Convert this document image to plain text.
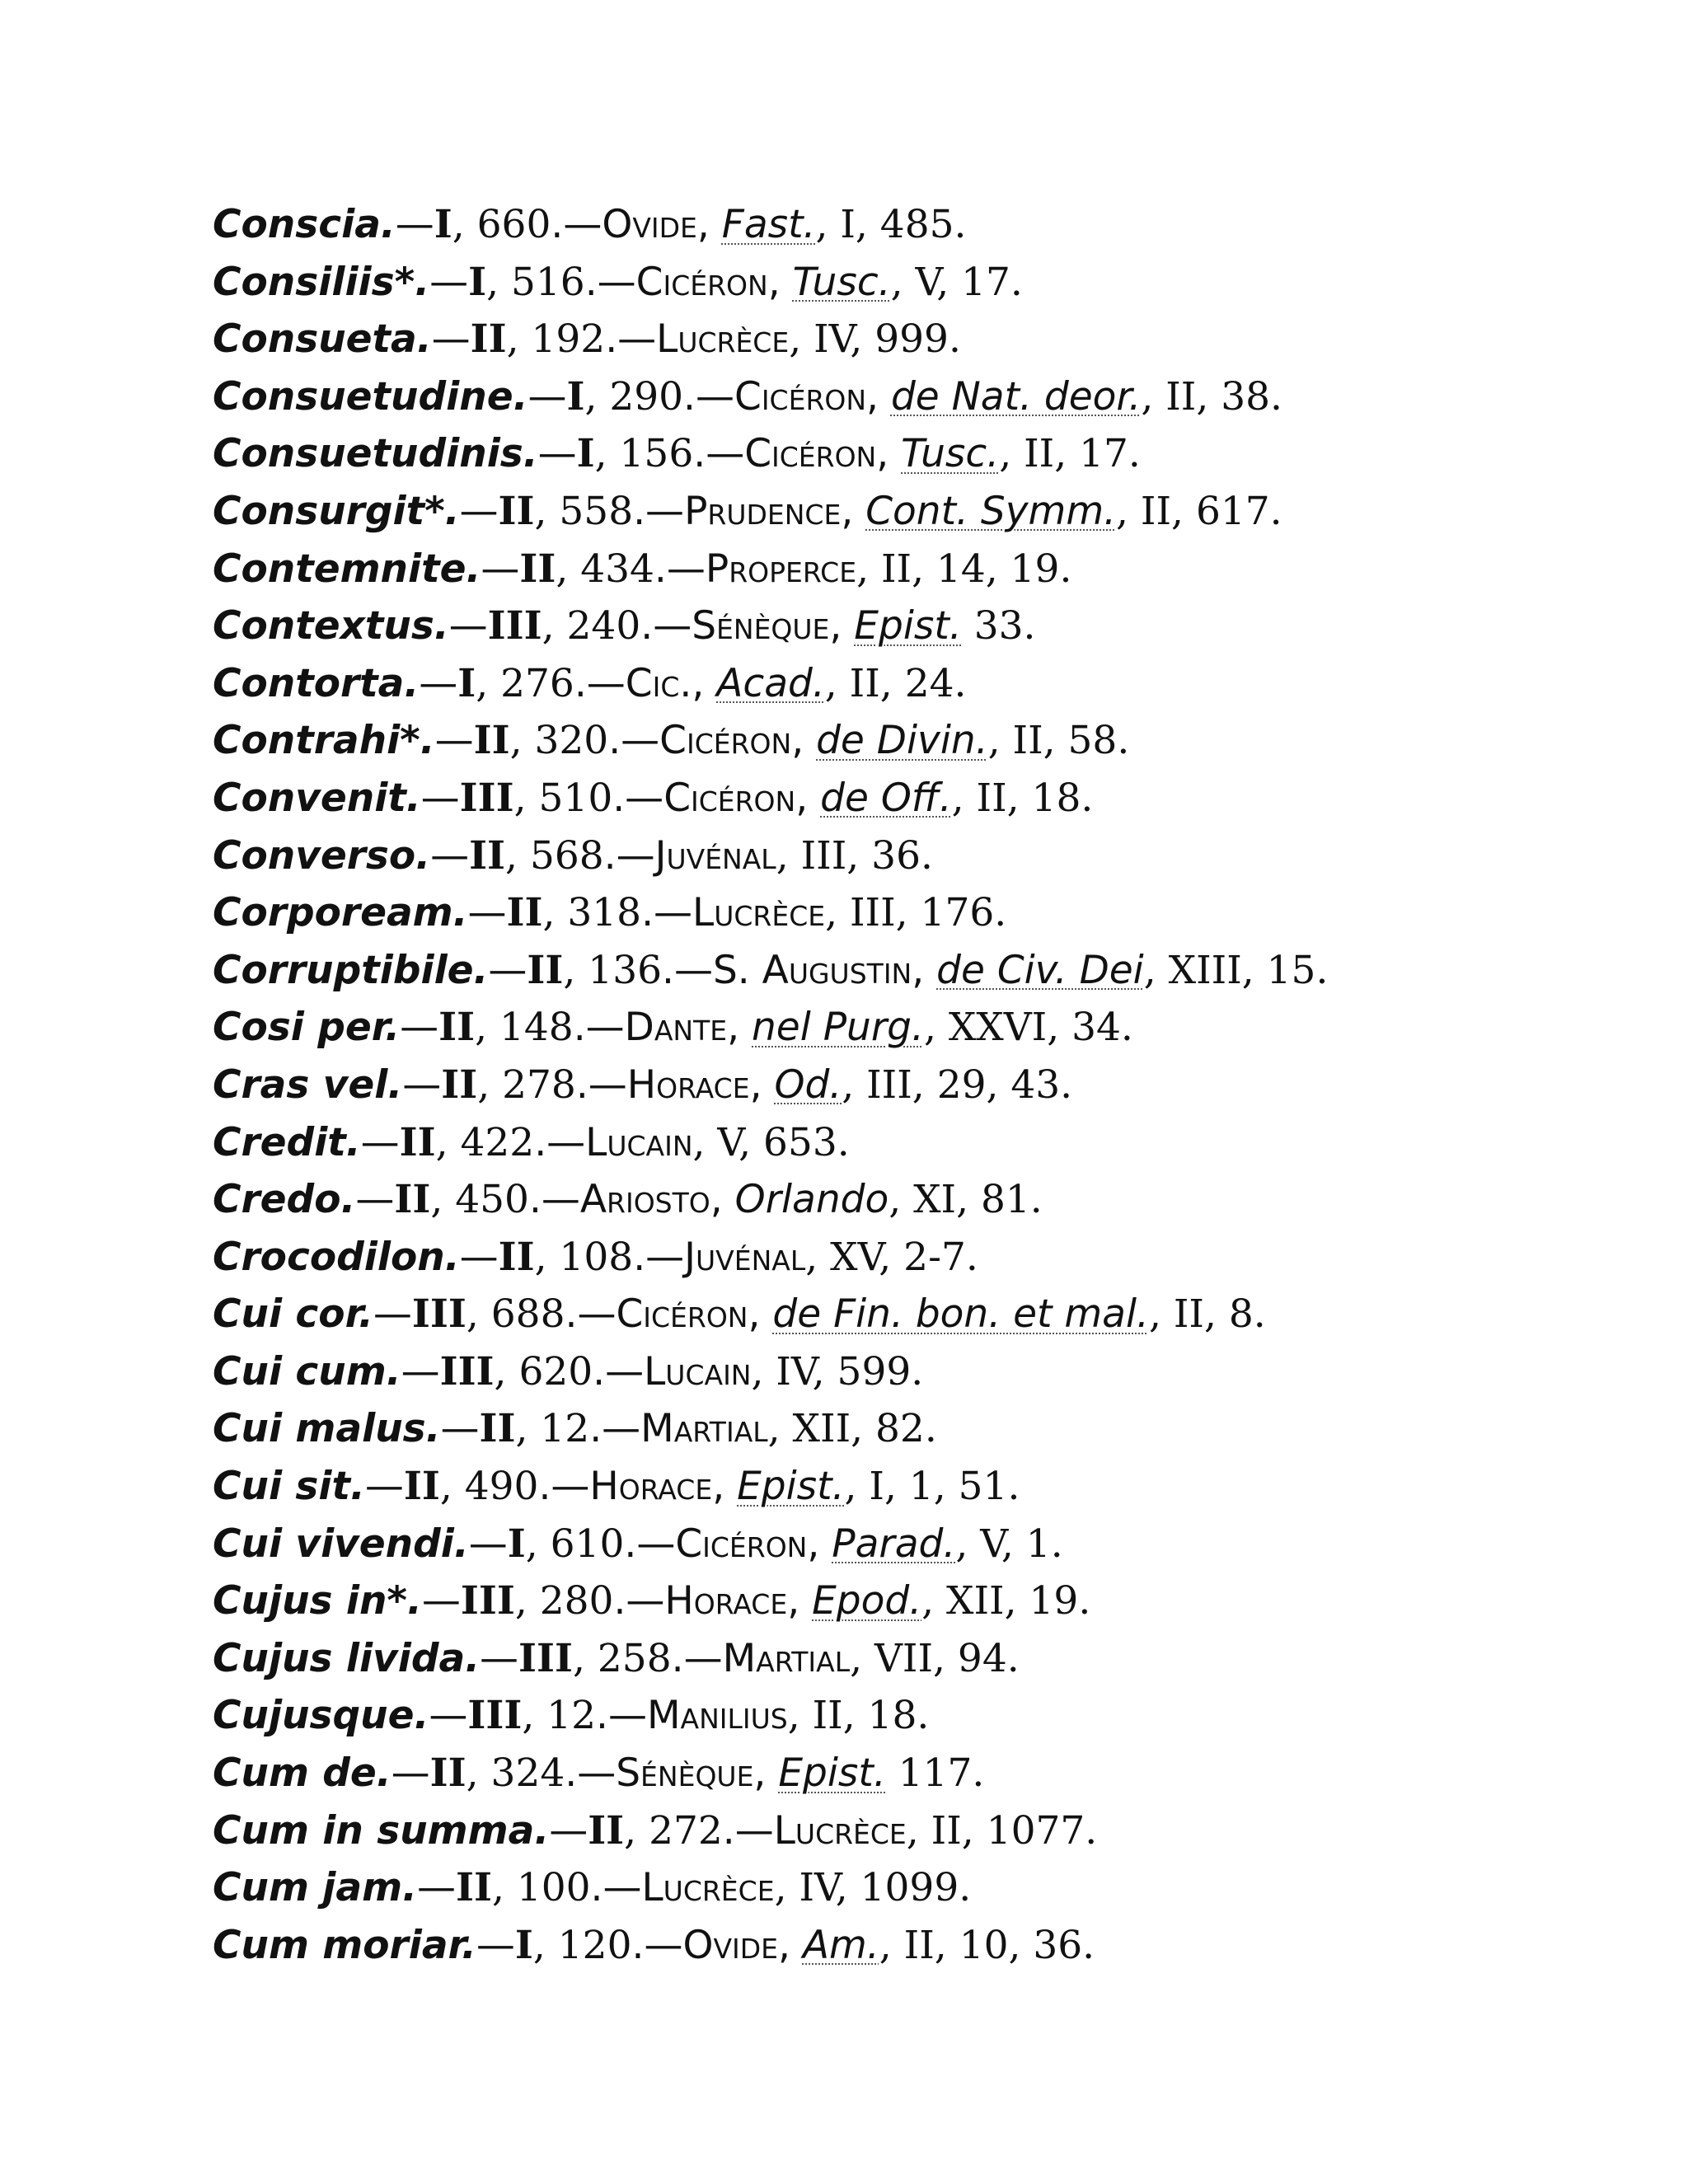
Conscia.—I, 660.—Ovide, Fast., I, 485.
Consiliis*.—I, 516.—Cicéron, Tusc., V, 17.
Consueta.—II, 192.—Lucrèce, IV, 999.
Consuetudine.—I, 290.—Cicéron, de Nat. deor., II, 38.
Consuetudinis.—I, 156.—Cicéron, Tusc., II, 17.
Consurgit*.—II, 558.—Prudence, Cont. Symm., II, 617.
Contemnite.—II, 434.—Properce, II, 14, 19.
Contextus.—III, 240.—Sénèque, Epist. 33.
Contorta.—I, 276.—Cic., Acad., II, 24.
Contrahi*.—II, 320.—Cicéron, de Divin., II, 58.
Convenit.—III, 510.—Cicéron, de Off., II, 18.
Converso.—II, 568.—Juvénal, III, 36.
Corpoream.—II, 318.—Lucrèce, III, 176.
Corruptibile.—II, 136.—S. Augustin, de Civ. Dei, XIII, 15.
Cosi per.—II, 148.—Dante, nel Purg., XXVI, 34.
Cras vel.—II, 278.—Horace, Od., III, 29, 43.
Credit.—II, 422.—Lucain, V, 653.
Credo.—II, 450.—Ariosto, Orlando, XI, 81.
Crocodilon.—II, 108.—Juvénal, XV, 2-7.
Cui cor.—III, 688.—Cicéron, de Fin. bon. et mal., II, 8.
Cui cum.—III, 620.—Lucain, IV, 599.
Cui malus.—II, 12.—Martial, XII, 82.
Cui sit.—II, 490.—Horace, Epist., I, 1, 51.
Cui vivendi.—I, 610.—Cicéron, Parad., V, 1.
Cujus in*.—III, 280.—Horace, Epod., XII, 19.
Cujus livida.—III, 258.—Martial, VII, 94.
Cujusque.—III, 12.—Manilius, II, 18.
Cum de.—II, 324.—Sénèque, Epist. 117.
Cum in summa.—II, 272.—Lucrèce, II, 1077.
Cum jam.—II, 100.—Lucrèce, IV, 1099.
Cum moriar.—I, 120.—Ovide, Am., II, 10, 36.
